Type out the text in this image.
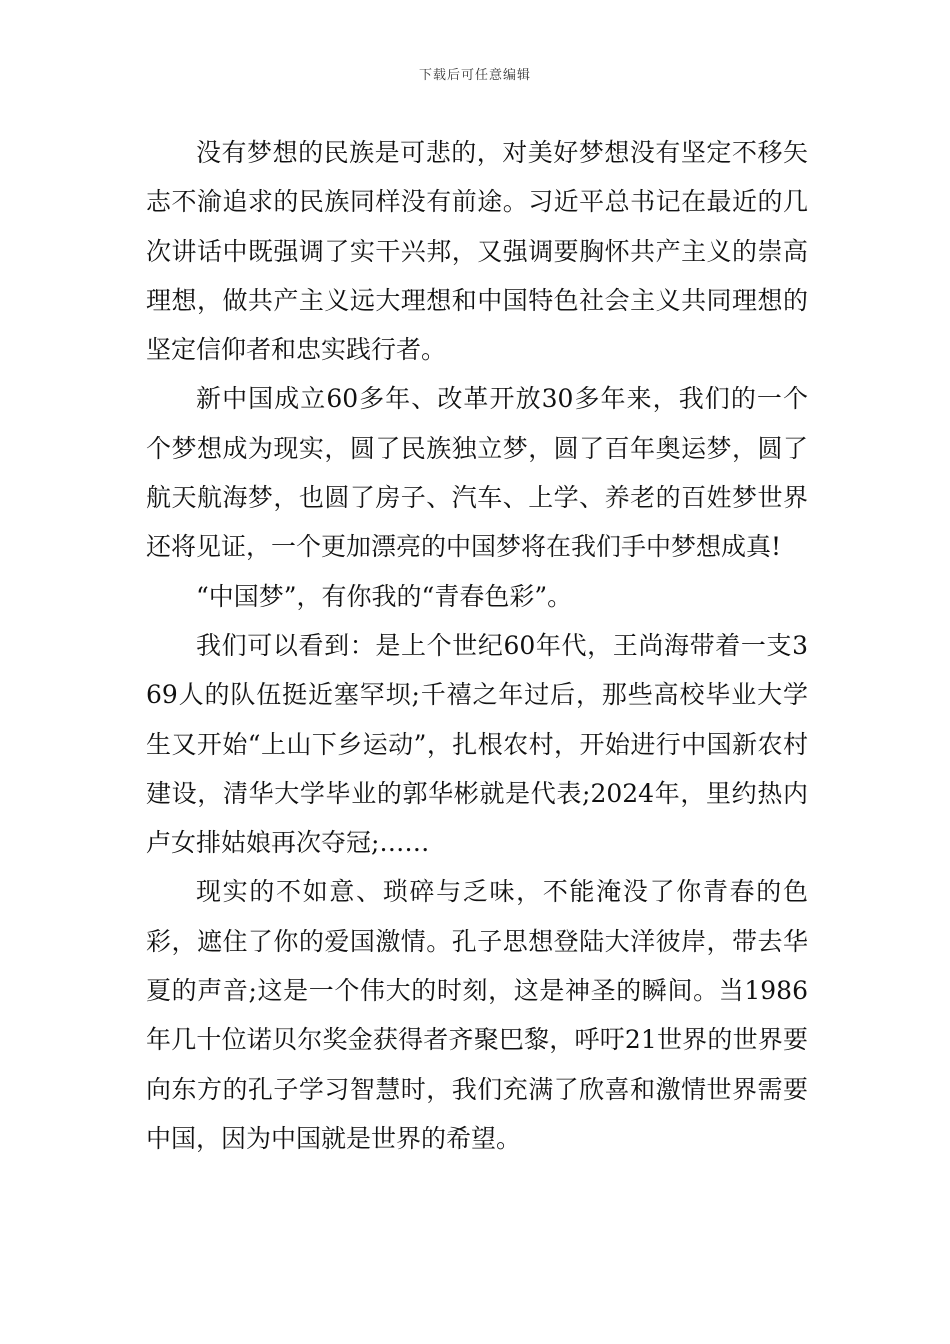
下载后可任意编辑

没有梦想的民族是可悲的，对美好梦想没有坚定不移矢志不渝追求的民族同样没有前途。习近平总书记在最近的几次讲话中既强调了实干兴邦，又强调要胸怀共产主义的崇高理想，做共产主义远大理想和中国特色社会主义共同理想的坚定信仰者和忠实践行者。

新中国成立60多年、改革开放30多年来，我们的一个个梦想成为现实，圆了民族独立梦，圆了百年奥运梦，圆了航天航海梦，也圆了房子、汽车、上学、养老的百姓梦世界还将见证，一个更加漂亮的中国梦将在我们手中梦想成真!

“中国梦”，有你我的“青春色彩”。

我们可以看到：是上个世纪60年代，王尚海带着一支369人的队伍挺近塞罕坝;千禧之年过后，那些高校毕业大学生又开始“上山下乡运动”，扎根农村，开始进行中国新农村建设，清华大学毕业的郭华彬就是代表;2024年，里约热内卢女排姑娘再次夺冠;……

现实的不如意、琐碎与乏味，不能淹没了你青春的色彩，遮住了你的爱国激情。孔子思想登陆大洋彼岸，带去华夏的声音;这是一个伟大的时刻，这是神圣的瞬间。当1986年几十位诺贝尔奖金获得者齐聚巴黎，呼吁21世界的世界要向东方的孔子学习智慧时，我们充满了欣喜和激情世界需要中国，因为中国就是世界的希望。
